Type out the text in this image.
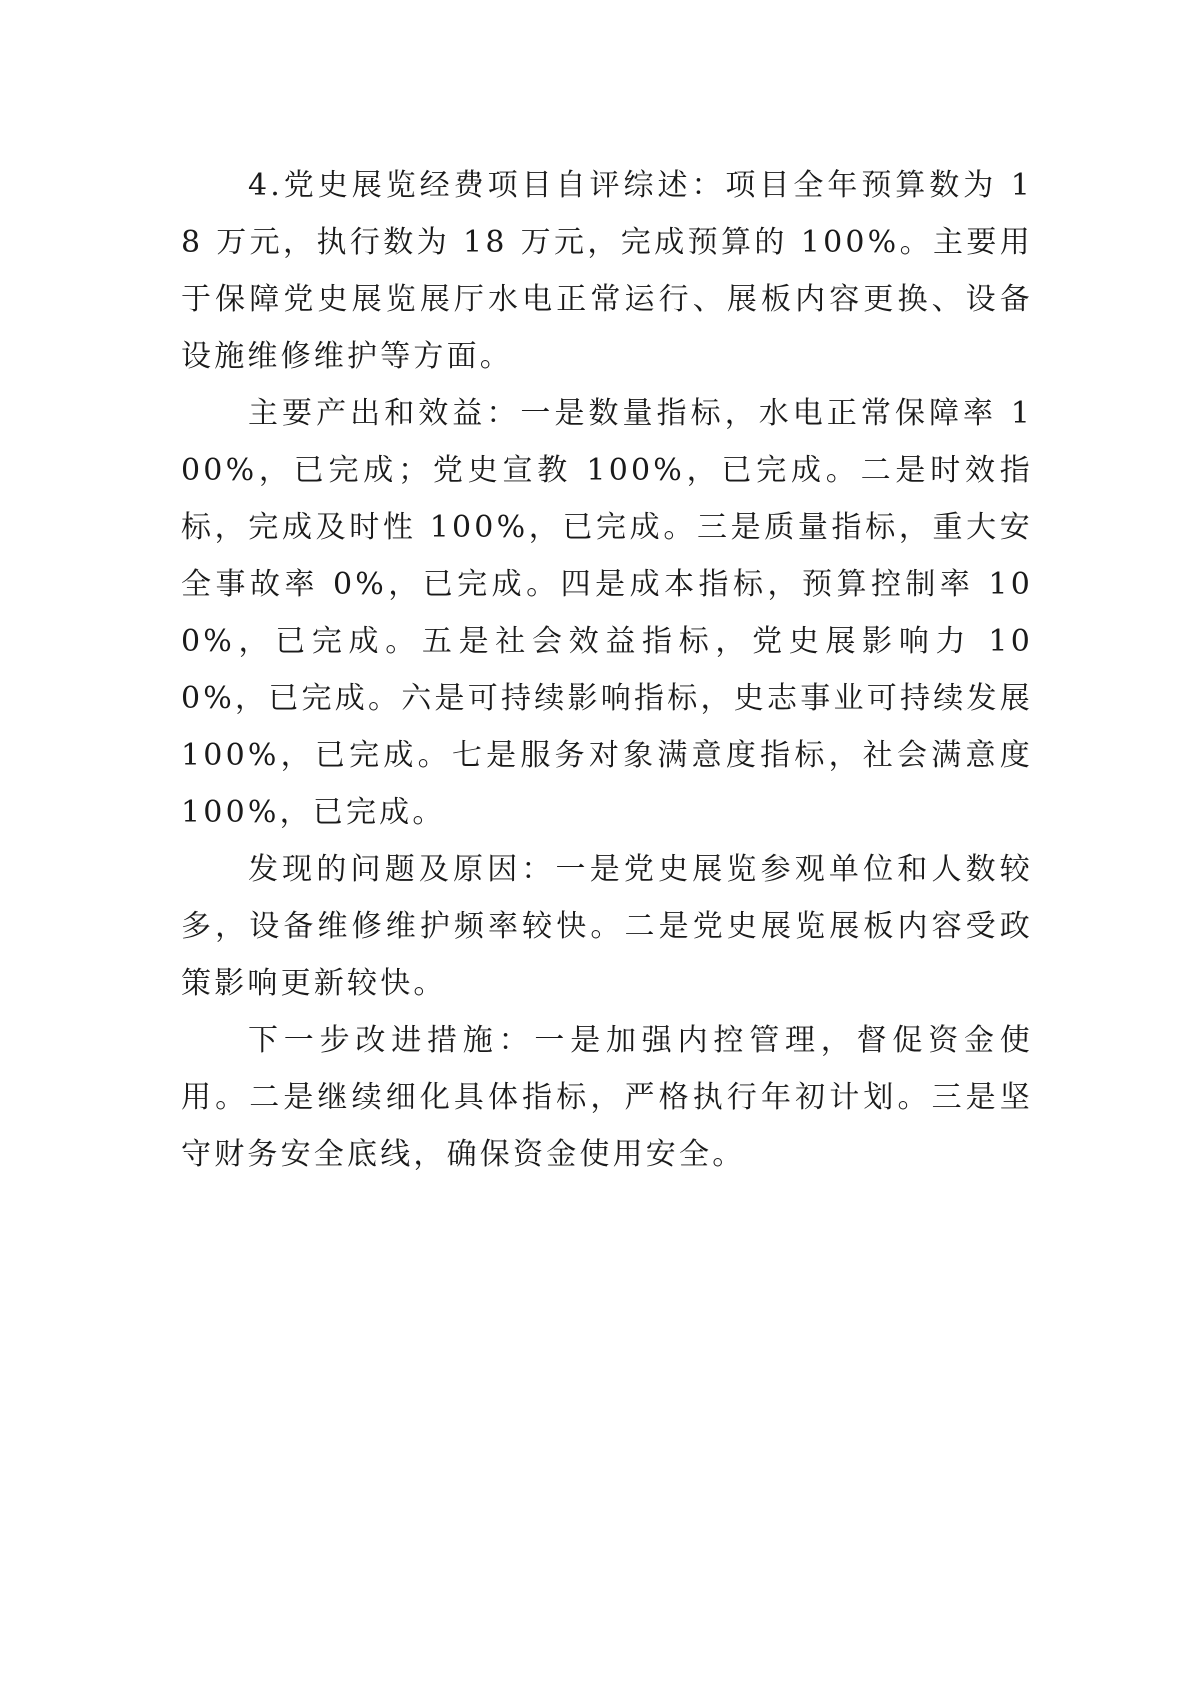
4.党史展览经费项目自评综述：项目全年预算数为 18 万元，执行数为 18 万元，完成预算的 100%。主要用于保障党史展览展厅水电正常运行、展板内容更换、设备设施维修维护等方面。

主要产出和效益：一是数量指标，水电正常保障率 100%，已完成；党史宣教 100%，已完成。二是时效指标，完成及时性 100%，已完成。三是质量指标，重大安全事故率 0%，已完成。四是成本指标，预算控制率 100%，已完成。五是社会效益指标，党史展影响力 100%，已完成。六是可持续影响指标，史志事业可持续发展 100%，已完成。七是服务对象满意度指标，社会满意度 100%，已完成。

发现的问题及原因：一是党史展览参观单位和人数较多，设备维修维护频率较快。二是党史展览展板内容受政策影响更新较快。

下一步改进措施：一是加强内控管理，督促资金使用。二是继续细化具体指标，严格执行年初计划。三是坚守财务安全底线，确保资金使用安全。
